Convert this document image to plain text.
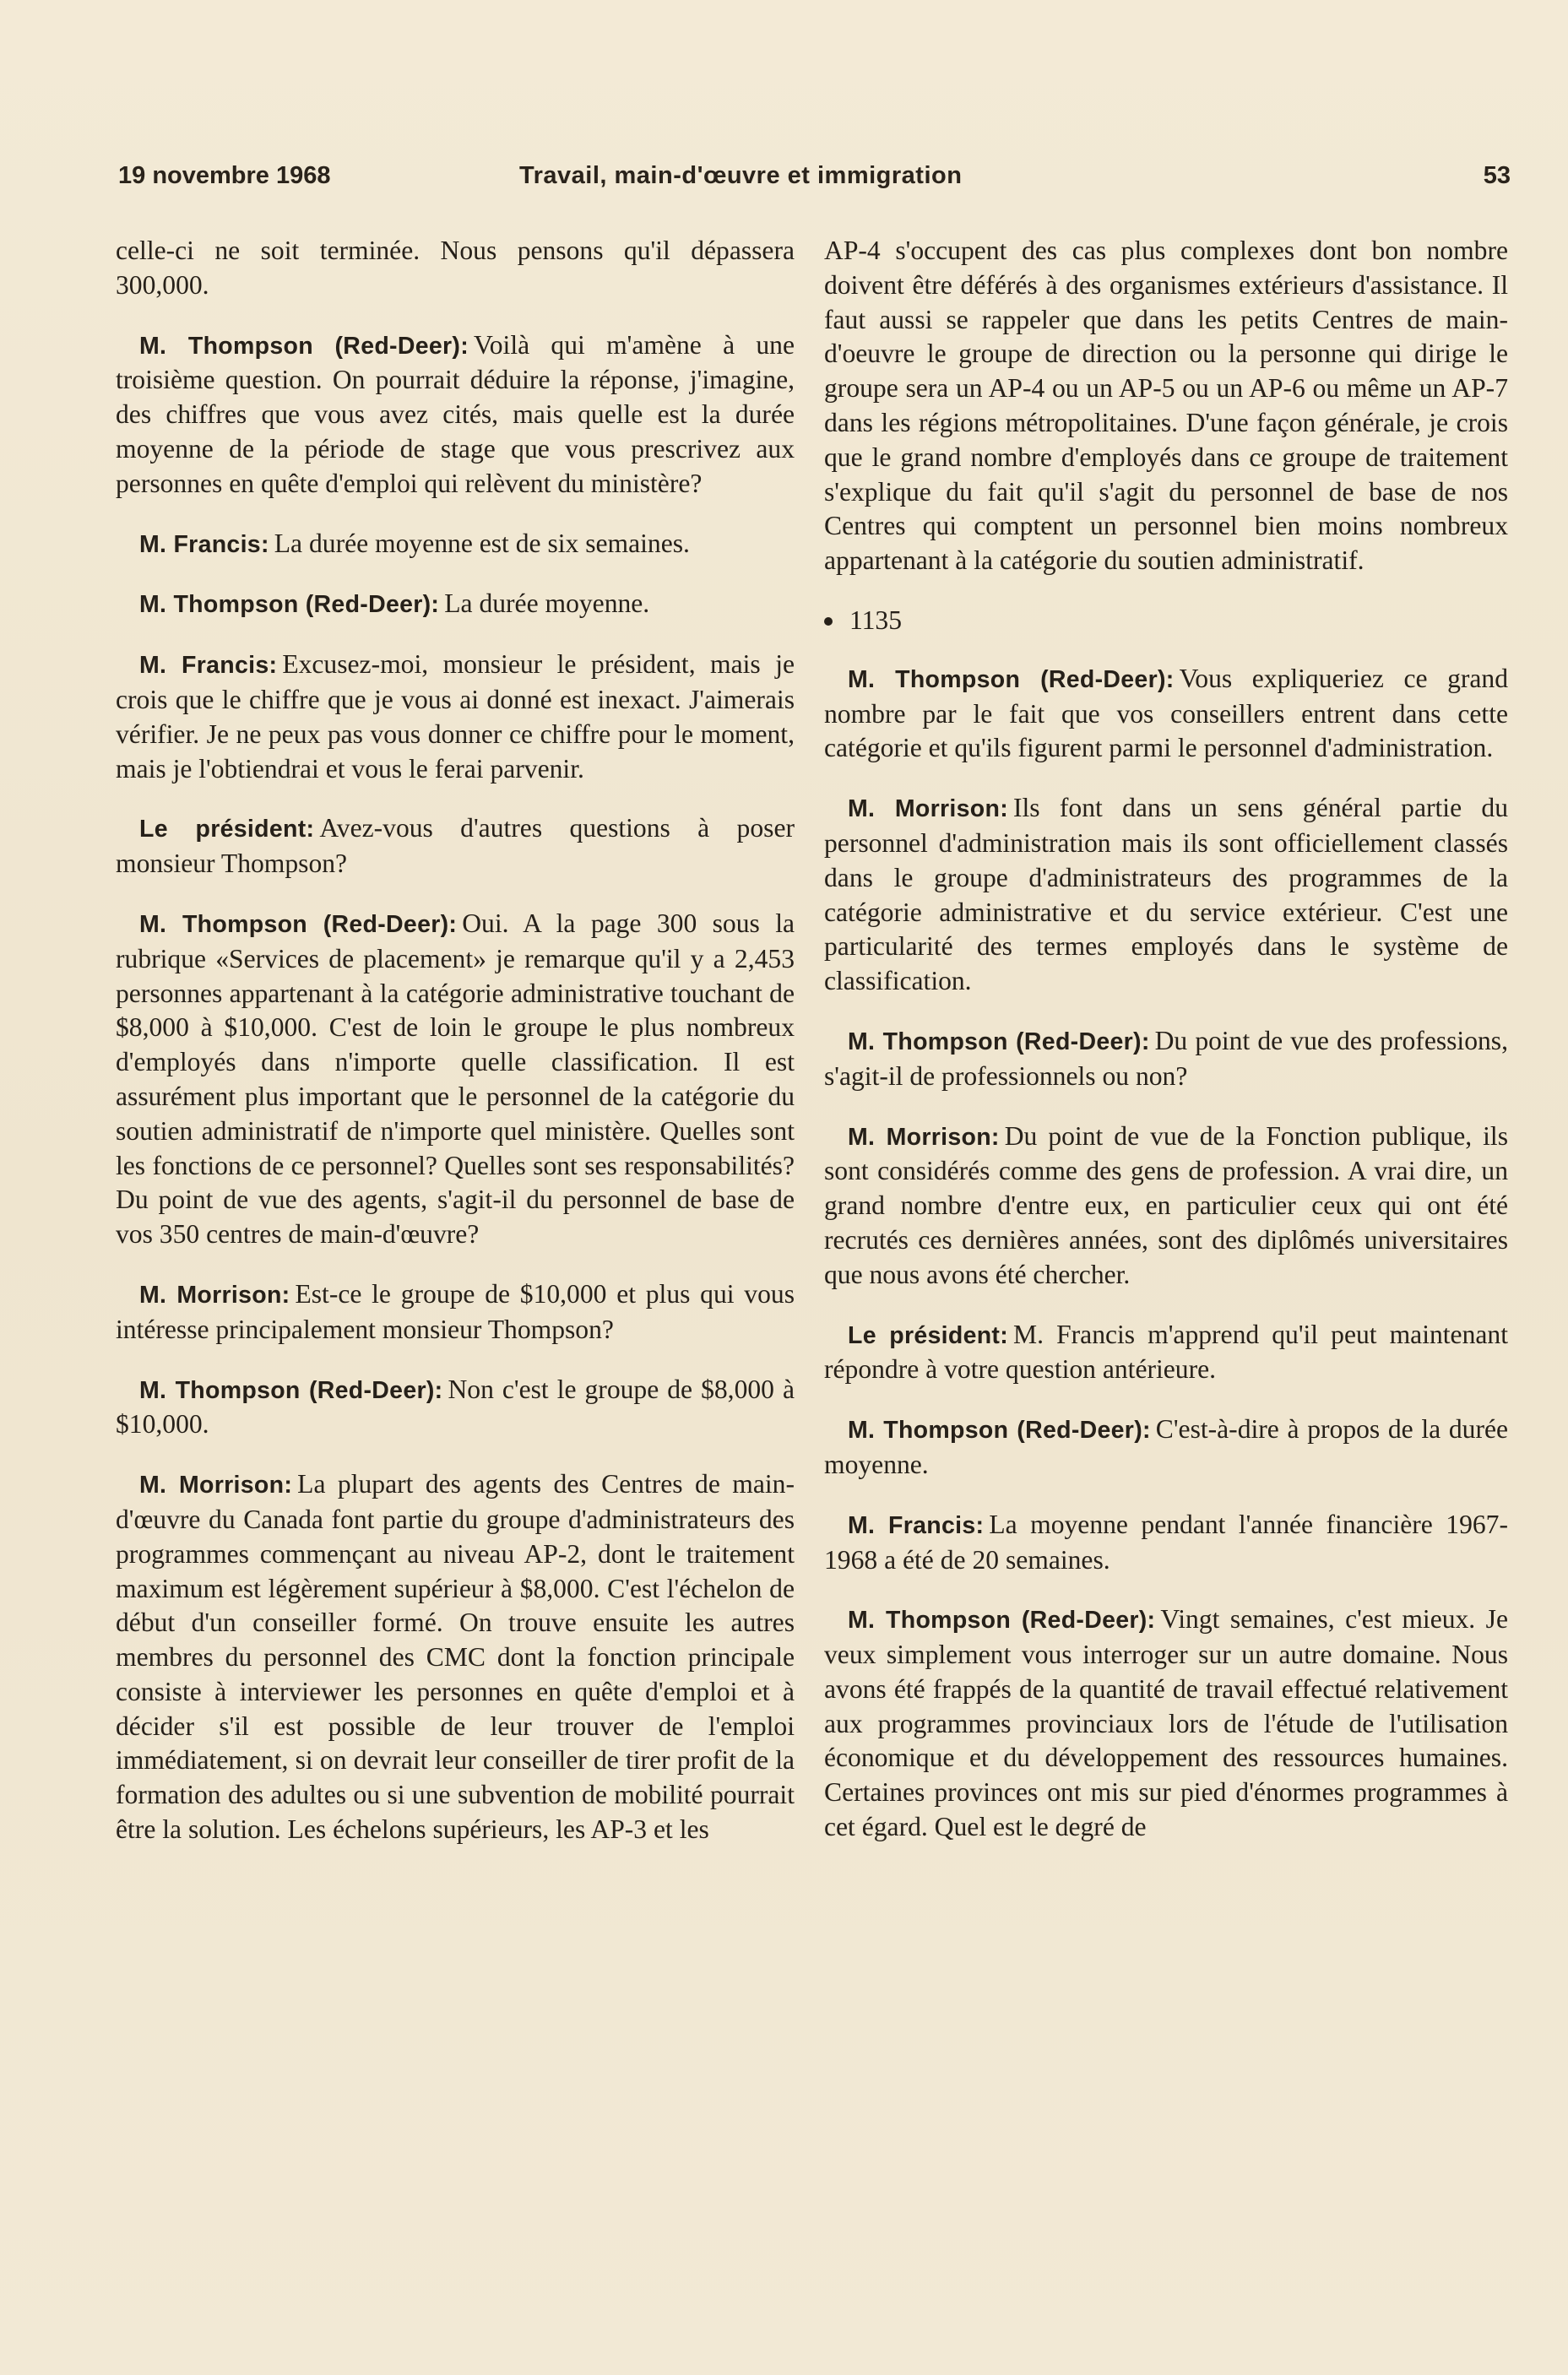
19 novembre 1968	Travail, main-d'œuvre et immigration	53

celle-ci ne soit terminée. Nous pensons qu'il dépassera 300,000.

M. Thompson (Red-Deer): Voilà qui m'amène à une troisième question. On pourrait déduire la réponse, j'imagine, des chiffres que vous avez cités, mais quelle est la durée moyenne de la période de stage que vous prescrivez aux personnes en quête d'emploi qui relèvent du ministère?

M. Francis: La durée moyenne est de six semaines.

M. Thompson (Red-Deer): La durée moyenne.

M. Francis: Excusez-moi, monsieur le président, mais je crois que le chiffre que je vous ai donné est inexact. J'aimerais vérifier. Je ne peux pas vous donner ce chiffre pour le moment, mais je l'obtiendrai et vous le ferai parvenir.

Le président: Avez-vous d'autres questions à poser monsieur Thompson?

M. Thompson (Red-Deer): Oui. A la page 300 sous la rubrique «Services de placement» je remarque qu'il y a 2,453 personnes appartenant à la catégorie administrative touchant de $8,000 à $10,000. C'est de loin le groupe le plus nombreux d'employés dans n'importe quelle classification. Il est assurément plus important que le personnel de la catégorie du soutien administratif de n'importe quel ministère. Quelles sont les fonctions de ce personnel? Quelles sont ses responsabilités? Du point de vue des agents, s'agit-il du personnel de base de vos 350 centres de main-d'œuvre?

M. Morrison: Est-ce le groupe de $10,000 et plus qui vous intéresse principalement monsieur Thompson?

M. Thompson (Red-Deer): Non c'est le groupe de $8,000 à $10,000.

M. Morrison: La plupart des agents des Centres de main-d'œuvre du Canada font partie du groupe d'administrateurs des programmes commençant au niveau AP-2, dont le traitement maximum est légèrement supérieur à $8,000. C'est l'échelon de début d'un conseiller formé. On trouve ensuite les autres membres du personnel des CMC dont la fonction principale consiste à interviewer les personnes en quête d'emploi et à décider s'il est possible de leur trouver de l'emploi immédiatement, si on devrait leur conseiller de tirer profit de la formation des adultes ou si une subvention de mobilité pourrait être la solution. Les échelons supérieurs, les AP-3 et les

AP-4 s'occupent des cas plus complexes dont bon nombre doivent être déférés à des organismes extérieurs d'assistance. Il faut aussi se rappeler que dans les petits Centres de main-d'oeuvre le groupe de direction ou la personne qui dirige le groupe sera un AP-4 ou un AP-5 ou un AP-6 ou même un AP-7 dans les régions métropolitaines. D'une façon générale, je crois que le grand nombre d'employés dans ce groupe de traitement s'explique du fait qu'il s'agit du personnel de base de nos Centres qui comptent un personnel bien moins nombreux appartenant à la catégorie du soutien administratif.

1135

M. Thompson (Red-Deer): Vous expliqueriez ce grand nombre par le fait que vos conseillers entrent dans cette catégorie et qu'ils figurent parmi le personnel d'administration.

M. Morrison: Ils font dans un sens général partie du personnel d'administration mais ils sont officiellement classés dans le groupe d'administrateurs des programmes de la catégorie administrative et du service extérieur. C'est une particularité des termes employés dans le système de classification.

M. Thompson (Red-Deer): Du point de vue des professions, s'agit-il de professionnels ou non?

M. Morrison: Du point de vue de la Fonction publique, ils sont considérés comme des gens de profession. A vrai dire, un grand nombre d'entre eux, en particulier ceux qui ont été recrutés ces dernières années, sont des diplômés universitaires que nous avons été chercher.

Le président: M. Francis m'apprend qu'il peut maintenant répondre à votre question antérieure.

M. Thompson (Red-Deer): C'est-à-dire à propos de la durée moyenne.

M. Francis: La moyenne pendant l'année financière 1967-1968 a été de 20 semaines.

M. Thompson (Red-Deer): Vingt semaines, c'est mieux. Je veux simplement vous interroger sur un autre domaine. Nous avons été frappés de la quantité de travail effectué relativement aux programmes provinciaux lors de l'étude de l'utilisation économique et du développement des ressources humaines. Certaines provinces ont mis sur pied d'énormes programmes à cet égard. Quel est le degré de
